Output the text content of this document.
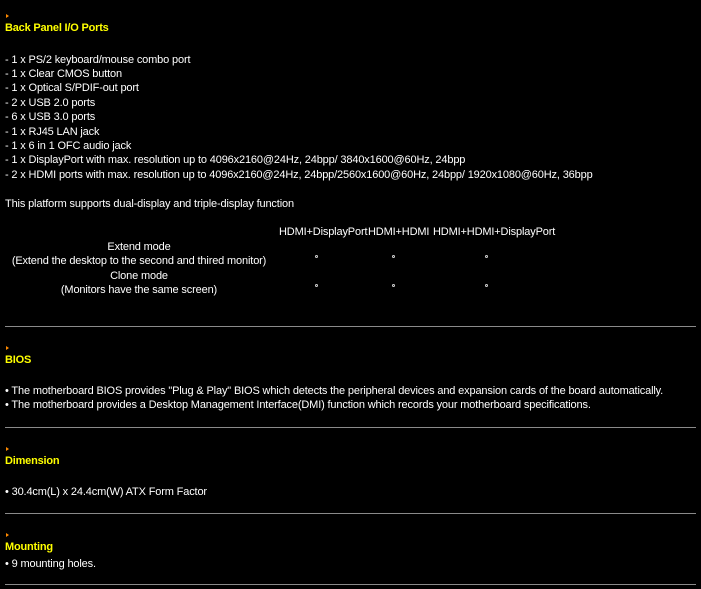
Back Panel I/O Ports
- 1 x PS/2 keyboard/mouse combo port
- 1 x Clear CMOS button
- 1 x Optical S/PDIF-out port
- 2 x USB 2.0 ports
- 6 x USB 3.0 ports
- 1 x RJ45 LAN jack
- 1 x 6 in 1 OFC audio jack
- 1 x DisplayPort with max. resolution up to 4096x2160@24Hz, 24bpp/ 3840x1600@60Hz, 24bpp
- 2 x HDMI ports with max. resolution up to 4096x2160@24Hz, 24bpp/2560x1600@60Hz, 24bpp/ 1920x1080@60Hz, 36bpp
This platform supports dual-display and triple-display function
HDMI+DisplayPort HDMI+HDMI HDMI+HDMI+DisplayPort
Extend mode
(Extend the desktop to the second and thired monitor)
Clone mode
(Monitors have the same screen)
BIOS
• The motherboard BIOS provides "Plug & Play" BIOS which detects the peripheral devices and expansion cards of the board automatically.
• The motherboard provides a Desktop Management Interface(DMI) function which records your motherboard specifications.
Dimension
• 30.4cm(L) x 24.4cm(W) ATX Form Factor
Mounting
• 9 mounting holes.
